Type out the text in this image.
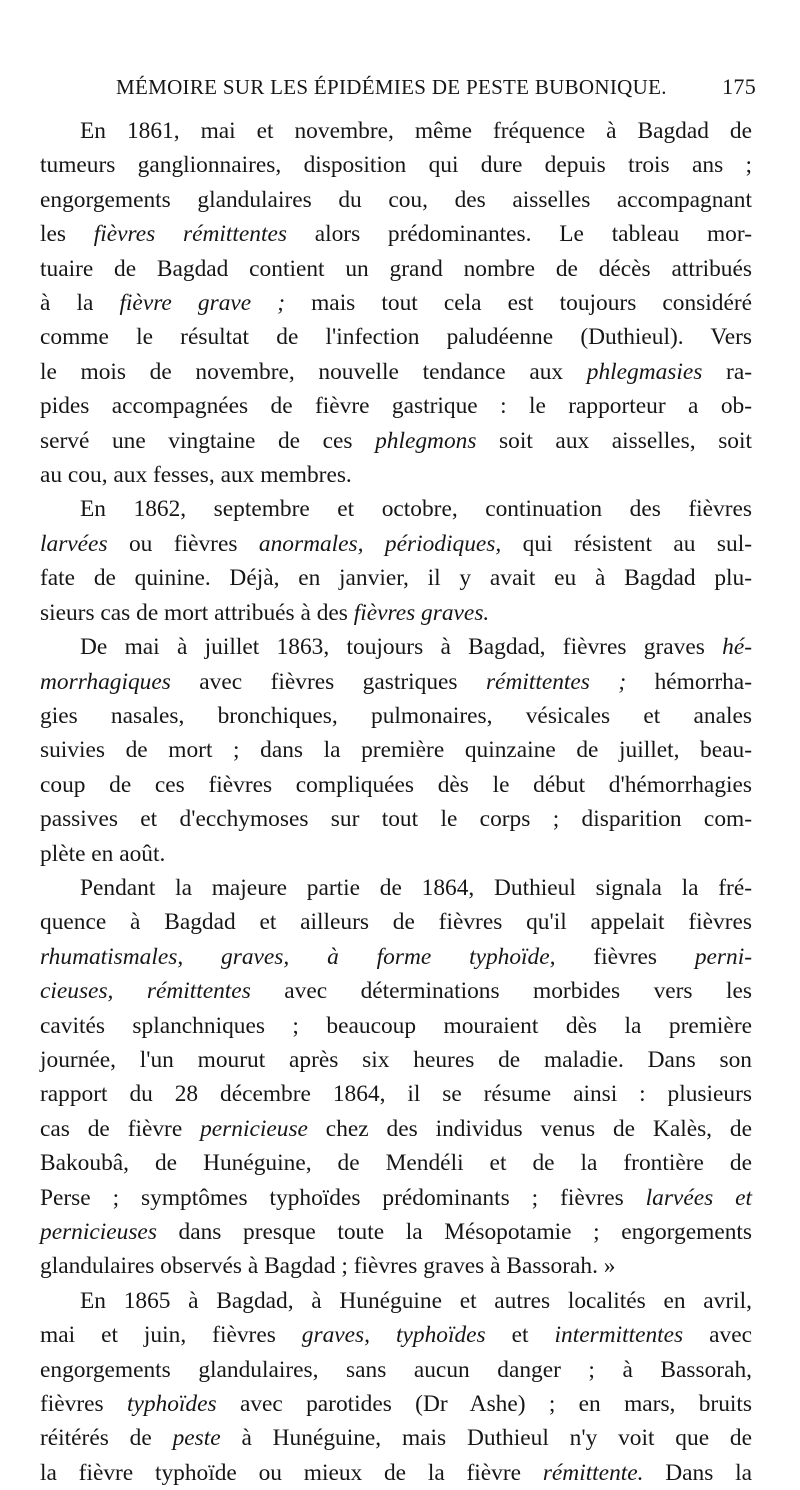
MÉMOIRE SUR LES ÉPIDÉMIES DE PESTE BUBONIQUE.	175
En 1861, mai et novembre, même fréquence à Bagdad de
tumeurs ganglionnaires, disposition qui dure depuis trois ans ;
engorgements glandulaires du cou, des aisselles accompagnant
les fièvres rémittentes alors prédominantes. Le tableau mor-
tuaire de Bagdad contient un grand nombre de décès attribués
à la fièvre grave ; mais tout cela est toujours considéré
comme le résultat de l'infection paludéenne (Duthieul). Vers
le mois de novembre, nouvelle tendance aux phlegmasies ra-
pides accompagnées de fièvre gastrique : le rapporteur a ob-
servé une vingtaine de ces phlegmons soit aux aisselles, soit
au cou, aux fesses, aux membres.
En 1862, septembre et octobre, continuation des fièvres
larvées ou fièvres anormales, périodiques, qui résistent au sul-
fate de quinine. Déjà, en janvier, il y avait eu à Bagdad plu-
sieurs cas de mort attribués à des fièvres graves.
De mai à juillet 1863, toujours à Bagdad, fièvres graves hé-
morrhagiques avec fièvres gastriques rémittentes ; hémorrha-
gies nasales, bronchiques, pulmonaires, vésicales et anales
suivies de mort ; dans la première quinzaine de juillet, beau-
coup de ces fièvres compliquées dès le début d'hémorrhagies
passives et d'ecchymoses sur tout le corps ; disparition com-
plète en août.
Pendant la majeure partie de 1864, Duthieul signala la fré-
quence à Bagdad et ailleurs de fièvres qu'il appelait fièvres
rhumatismales, graves, à forme typhoïde, fièvres perni-
cieuses, rémittentes avec déterminations morbides vers les
cavités splanchniques ; beaucoup mouraient dès la première
journée, l'un mourut après six heures de maladie. Dans son
rapport du 28 décembre 1864, il se résume ainsi : plusieurs
cas de fièvre pernicieuse chez des individus venus de Kalès, de
Bakoubâ, de Hunéguine, de Mendéli et de la frontière de
Perse ; symptômes typhoïdes prédominants ; fièvres larvées et
pernicieuses dans presque toute la Mésopotamie ; engorgements
glandulaires observés à Bagdad ; fièvres graves à Bassorah. »
En 1865 à Bagdad, à Hunéguine et autres localités en avril,
mai et juin, fièvres graves, typhoïdes et intermittentes avec
engorgements glandulaires, sans aucun danger ; à Bassorah,
fièvres typhoïdes avec parotides (Dr Ashe) ; en mars, bruits
réitérés de peste à Hunéguine, mais Duthieul n'y voit que de
la fièvre typhoïde ou mieux de la fièvre rémittente. Dans la
